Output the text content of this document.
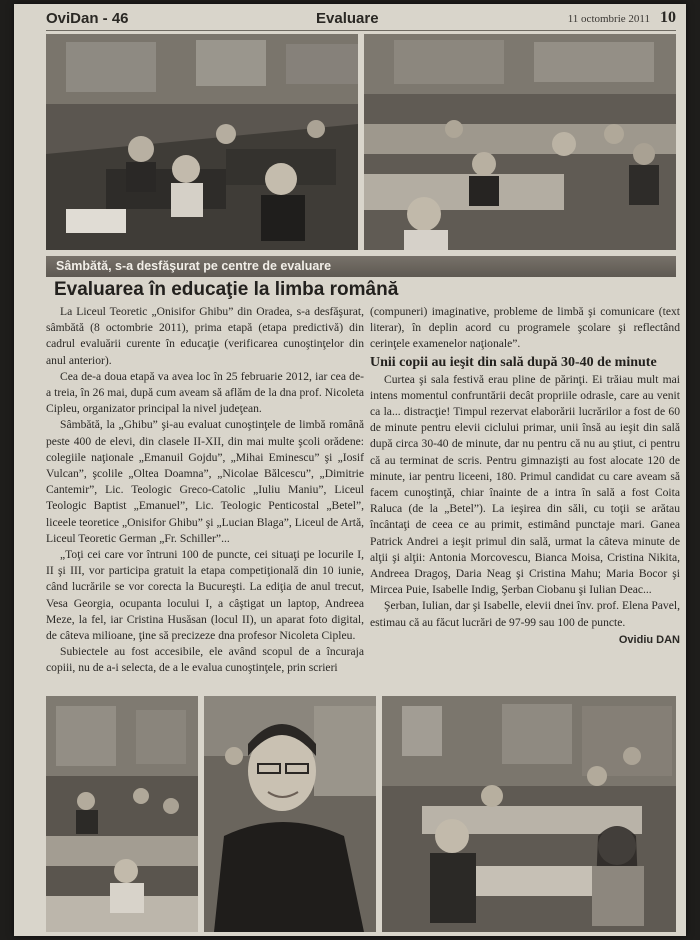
OviDan - 46	Evaluare	11 octombrie 2011 10
Sâmbătă, s-a desfăşurat pe centre de evaluare
Evaluarea în educaţie la limba română

La Liceul Teoretic „Onisifor Ghibu” din Oradea, s-a desfăşurat, sâmbătă (8 octombrie 2011), prima etapă (etapa predictivă) din cadrul evaluării curente în educaţie (verificarea cunoştinţelor din anul anterior).

Cea de-a doua etapă va avea loc în 25 februarie 2012, iar cea de-a treia, în 26 mai, după cum aveam să aflăm de la dna prof. Nicoleta Cipleu, organizator principal la nivel judeţean.

Sâmbătă, la „Ghibu” şi-au evaluat cunoştinţele de limbă română peste 400 de elevi, din clasele II-XII, din mai multe şcoli orădene: colegiile naţionale „Emanuil Gojdu”, „Mihai Eminescu” şi „Iosif Vulcan”, şcolile „Oltea Doamna”, „Nicolae Bălcescu”, „Dimitrie Cantemir”, Lic. Teologic Greco-Catolic „Iuliu Maniu”, Liceul Teologic Baptist „Emanuel”, Lic. Teologic Penticostal „Betel”, liceele teoretice „Onisifor Ghibu” şi „Lucian Blaga”, Liceul de Artă, Liceul Teoretic German „Fr. Schiller”...

„Toţi cei care vor întruni 100 de puncte, cei situaţi pe locurile I, II şi III, vor participa gratuit la etapa competiţională din 10 iunie, când lucrările se vor corecta la Bucureşti. La ediţia de anul trecut, Vesa Georgia, ocupanta locului I, a câştigat un laptop, Andreea Meze, la fel, iar Cristina Husăsan (locul II), un aparat foto digital, de câteva milioane, ţine să precizeze dna profesor Nicoleta Cipleu.

Subiectele au fost accesibile, ele având scopul de a încuraja copiii, nu de a-i selecta, de a le evalua cunoştinţele, prin scrieri

(compuneri) imaginative, probleme de limbă şi comunicare (text literar), în deplin acord cu programele şcolare şi reflectând cerinţele examenelor naţionale”.

Unii copii au ieşit din sală după 30-40 de minute

Curtea şi sala festivă erau pline de părinţi. Ei trăiau mult mai intens momentul confruntării decât propriile odrasle, care au venit ca la... distracţie! Timpul rezervat elaborării lucrărilor a fost de 60 de minute pentru elevii ciclului primar, unii însă au ieşit din sală după circa 30-40 de minute, dar nu pentru că nu au ştiut, ci pentru că au terminat de scris. Pentru gimnazişti au fost alocate 120 de minute, iar pentru liceeni, 180. Primul candidat cu care aveam să facem cunoştinţă, chiar înainte de a intra în sală a fost Coita Raluca (de la „Betel”). La ieşirea din săli, cu toţii se arătau încântaţi de ceea ce au primit, estimând punctaje mari. Ganea Patrick Andrei a ieşit primul din sală, urmat la câteva minute de alţii şi alţii: Antonia Morcovescu, Bianca Moisa, Cristina Nikita, Andreea Dragoş, Daria Neag şi Cristina Mahu; Maria Bocor şi Mircea Puie, Isabelle Indig, Şerban Ciobanu şi Iulian Deac...

Şerban, Iulian, dar şi Isabelle, elevii dnei înv. prof. Elena Pavel, estimau că au făcut lucrări de 97-99 sau 100 de puncte.

Ovidiu DAN
